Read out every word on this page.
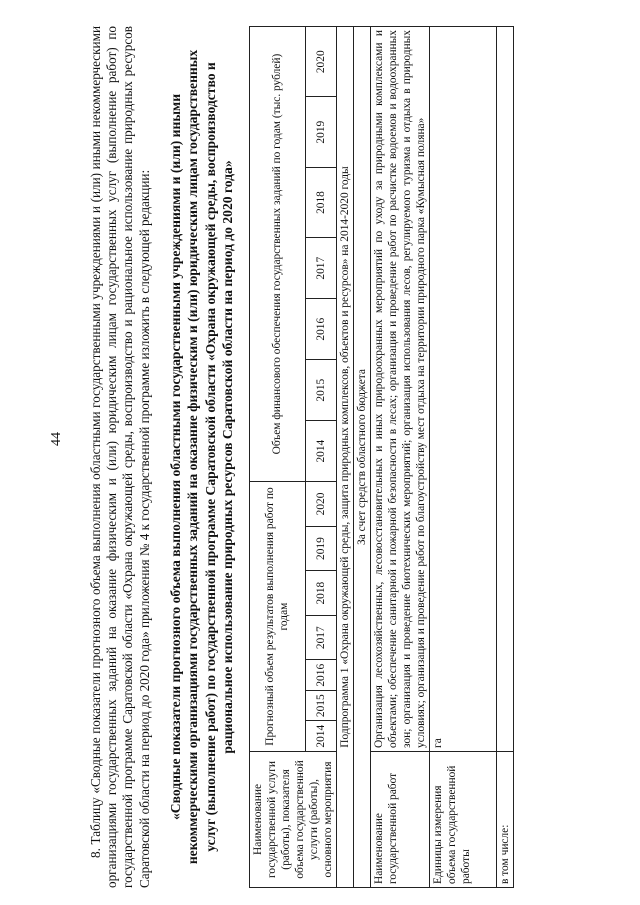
44 8. Таблицу «Сводные показатели прогнозного объема выполнения областными государственными учреждениями и (или) иными некоммерческими организациями государственных заданий на оказание физическим и (или) юридическим лицам государственных услуг (выполнение работ) по государственной программе Саратовской области «Охрана окружающей среды, воспроизводство и рациональное использование природных ресурсов Саратовской области на период до 2020 года» приложения № 4 к государственной программе изложить в следующей редакции: «Сводные показатели прогнозного объема выполнения областными государственными учреждениями и (или) иными некоммерческими организациями государственных заданий на оказание физическим и (или) юридическим лицам государственных услуг (выполнение работ) по государственной программе Саратовской области «Охрана окружающей среды, воспроизводство и рациональное использование природных ресурсов Саратовской области на период до 2020 года»
Наименование государственной услуги (работы), показателя объема государственной услуги (работы), основного мероприятия	Прогнозный объем результатов выполнения работ по годам							Объем финансового обеспечения государственных заданий по годам (тыс. рублей)						
	2014	2015	2016	2017	2018	2019	2020	2014	2015	2016	2017	2018	2019	2020
Подпрограмма 1 «Охрана окружающей среды, защита природных комплексов, объектов и ресурсов» на 2014-2020 годы														
За счет средств областного бюджета														
Наименование государственной работ	Организация лесохозяйственных, лесовосстановительных и иных природоохранных мероприятий по уходу за природными комплексами и объектами; обеспечение санитарной и пожарной безопасности в лесах; организация и проведение работ по расчистке водоемов и водоохранных зон; организация и проведение биотехнических мероприятий; организация использования лесов, регулируемого туризма и отдыха в природных условиях; организация и проведение работ по благоустройству мест отдыха на территории природного парка «Кумысная поляна»													
Единицы измерения объема государственной работы	га													
в том числе:														
